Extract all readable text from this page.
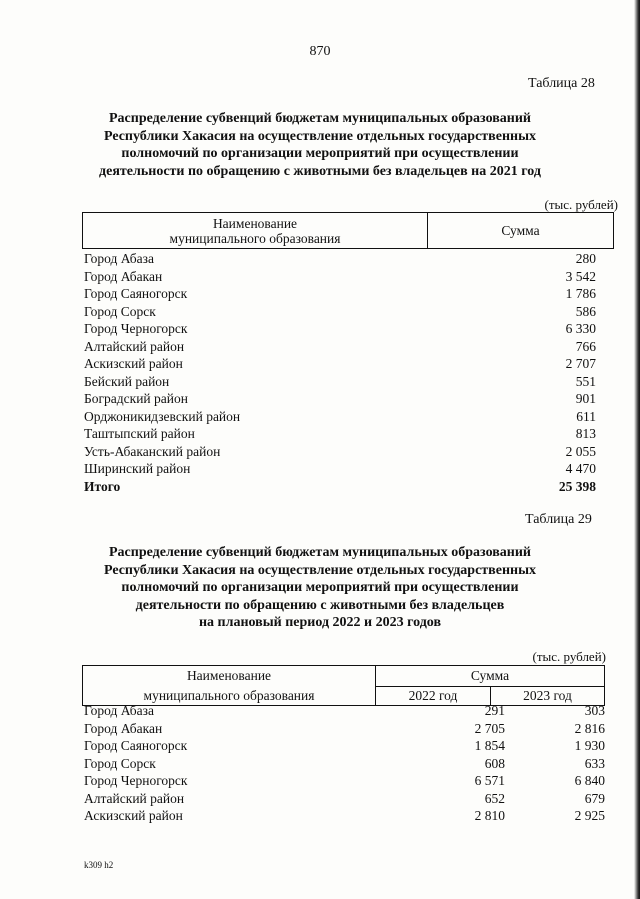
870
Таблица 28
Распределение субвенций бюджетам муниципальных образований
Республики Хакасия на осуществление отдельных государственных
полномочий по организации мероприятий при осуществлении
деятельности по обращению с животными без владельцев на 2021 год
(тыс. рублей)
Наименование
муниципального образования	Сумма
Город Абаза	280
Город Абакан	3 542
Город Саяногорск	1 786
Город Сорск	586
Город Черногорск	6 330
Алтайский район	766
Аскизский район	2 707
Бейский район	551
Боградский район	901
Орджоникидзевский район	611
Таштыпский район	813
Усть-Абаканский район	2 055
Ширинский район	4 470
Итого	25 398
Таблица 29
Распределение субвенций бюджетам муниципальных образований
Республики Хакасия на осуществление отдельных государственных
полномочий по организации мероприятий при осуществлении
деятельности по обращению с животными без владельцев
на плановый период 2022 и 2023 годов
(тыс. рублей)
Наименование
муниципального образования	Сумма	
	2022 год	2023 год
Город Абаза	291	303
Город Абакан	2 705	2 816
Город Саяногорск	1 854	1 930
Город Сорск	608	633
Город Черногорск	6 571	6 840
Алтайский район	652	679
Аскизский район	2 810	2 925
k309 h2
